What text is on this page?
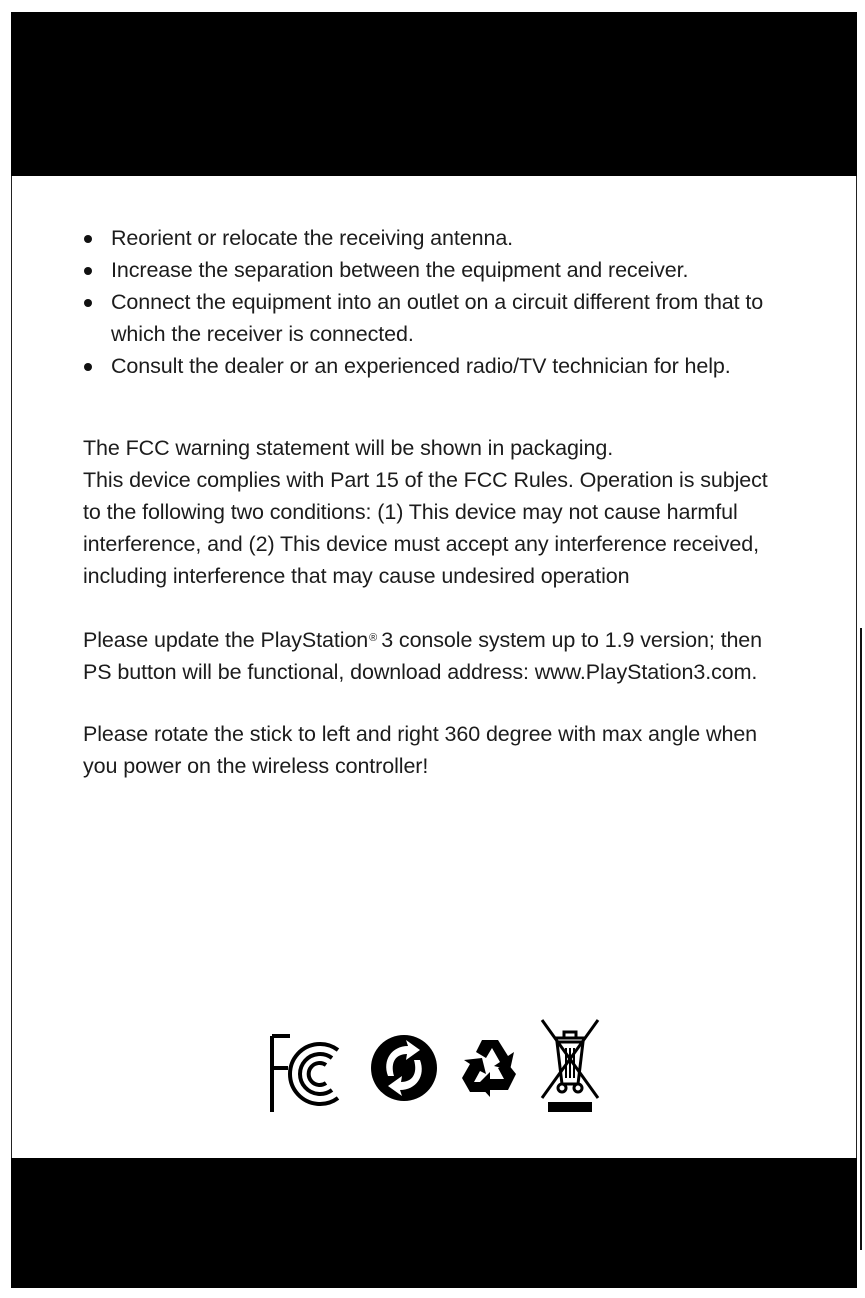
Reorient or relocate the receiving antenna.
Increase the separation between the equipment and receiver.
Connect the equipment into an outlet on a circuit different from that to which the receiver is connected.
Consult the dealer or an experienced radio/TV technician for help.

The FCC warning statement will be shown in packaging.
This device complies with Part 15 of the FCC Rules. Operation is subject to the following two conditions: (1) This device may not cause harmful interference, and (2) This device must accept any interference received, including interference that may cause undesired operation

Please update the PlayStation® 3 console system up to 1.9 version; then PS button will be functional, download address: www.PlayStation3.com.

Please rotate the stick to left and right 360 degree with max angle when you power on the wireless controller!

FC
